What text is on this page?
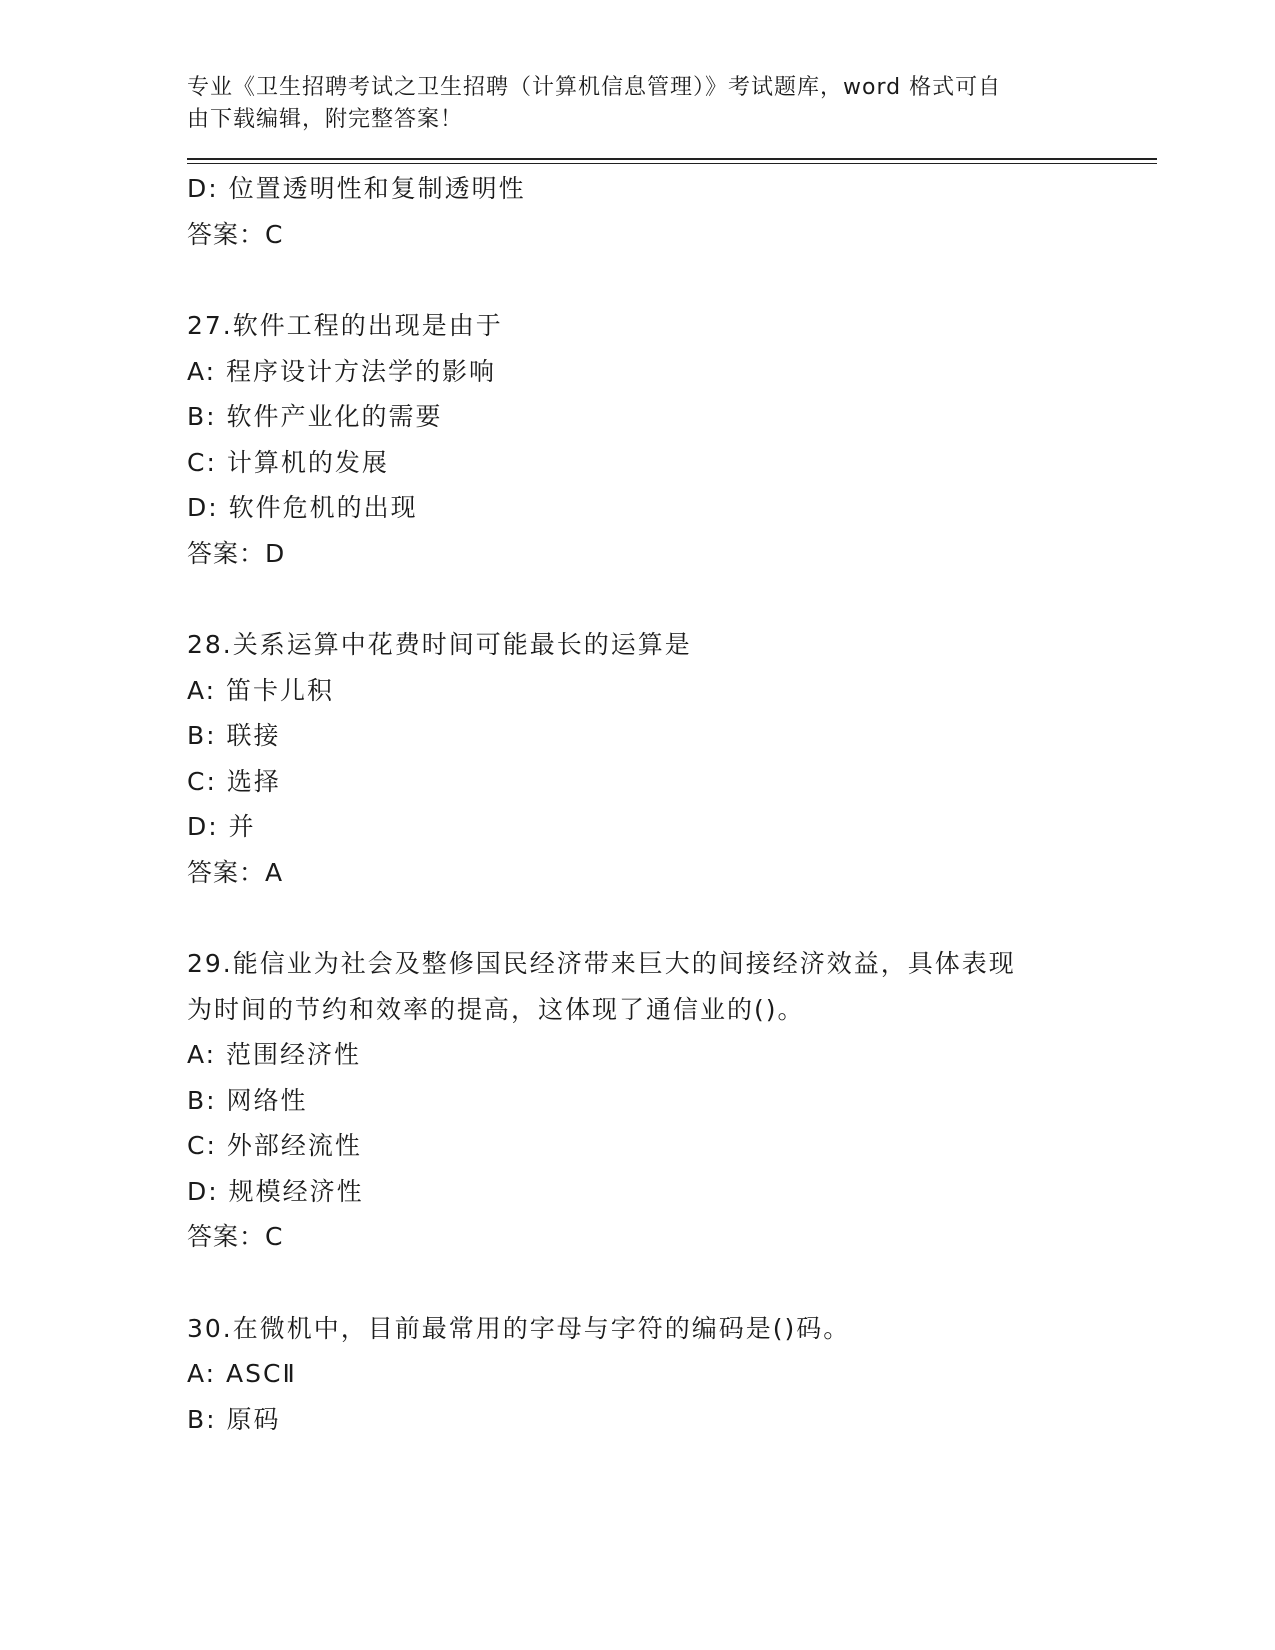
专业《卫生招聘考试之卫生招聘（计算机信息管理）》考试题库，word 格式可自
由下载编辑，附完整答案！
D: 位置透明性和复制透明性
答案：C
27.软件工程的出现是由于
A: 程序设计方法学的影响
B: 软件产业化的需要
C: 计算机的发展
D: 软件危机的出现
答案：D
28.关系运算中花费时间可能最长的运算是
A: 笛卡儿积
B: 联接
C: 选择
D: 并
答案：A
29.能信业为社会及整修国民经济带来巨大的间接经济效益，具体表现
为时间的节约和效率的提高，这体现了通信业的()。
A: 范围经济性
B: 网络性
C: 外部经流性
D: 规模经济性
答案：C
30.在微机中，目前最常用的字母与字符的编码是()码。
A: ASCⅡ
B: 原码
